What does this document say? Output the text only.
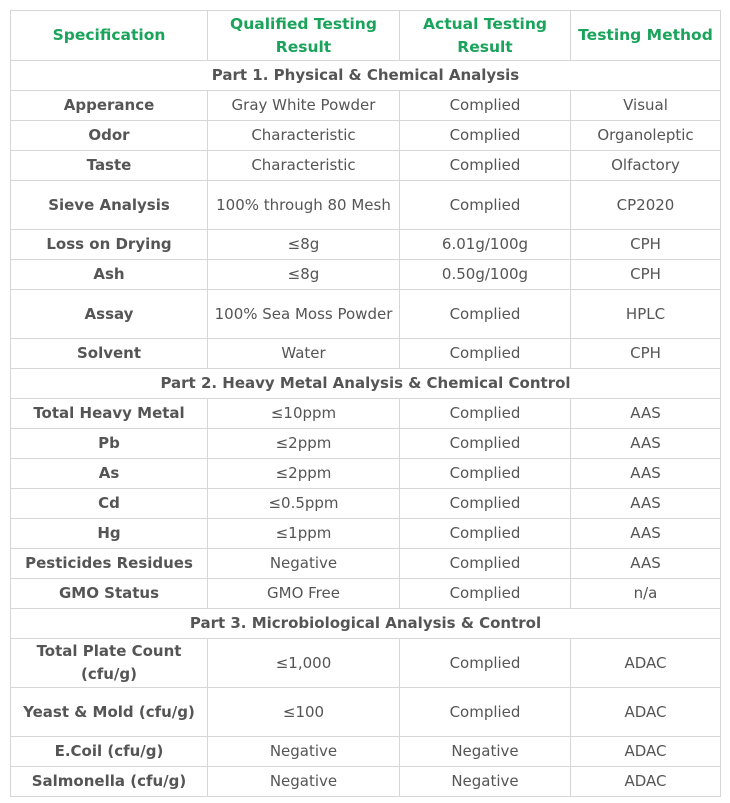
Specification	Qualified Testing Result	Actual Testing Result	Testing Method
Part 1. Physical & Chemical Analysis			
Apperance	Gray White Powder	Complied	Visual
Odor	Characteristic	Complied	Organoleptic
Taste	Characteristic	Complied	Olfactory
Sieve Analysis	100% through 80 Mesh	Complied	CP2020
Loss on Drying	≤8g	6.01g/100g	CPH
Ash	≤8g	0.50g/100g	CPH
Assay	100% Sea Moss Powder	Complied	HPLC
Solvent	Water	Complied	CPH
Part 2. Heavy Metal Analysis & Chemical Control			
Total Heavy Metal	≤10ppm	Complied	AAS
Pb	≤2ppm	Complied	AAS
As	≤2ppm	Complied	AAS
Cd	≤0.5ppm	Complied	AAS
Hg	≤1ppm	Complied	AAS
Pesticides Residues	Negative	Complied	AAS
GMO Status	GMO Free	Complied	n/a
Part 3. Microbiological Analysis & Control			
Total Plate Count (cfu/g)	≤1,000	Complied	ADAC
Yeast & Mold (cfu/g)	≤100	Complied	ADAC
E.Coil (cfu/g)	Negative	Negative	ADAC
Salmonella (cfu/g)	Negative	Negative	ADAC
